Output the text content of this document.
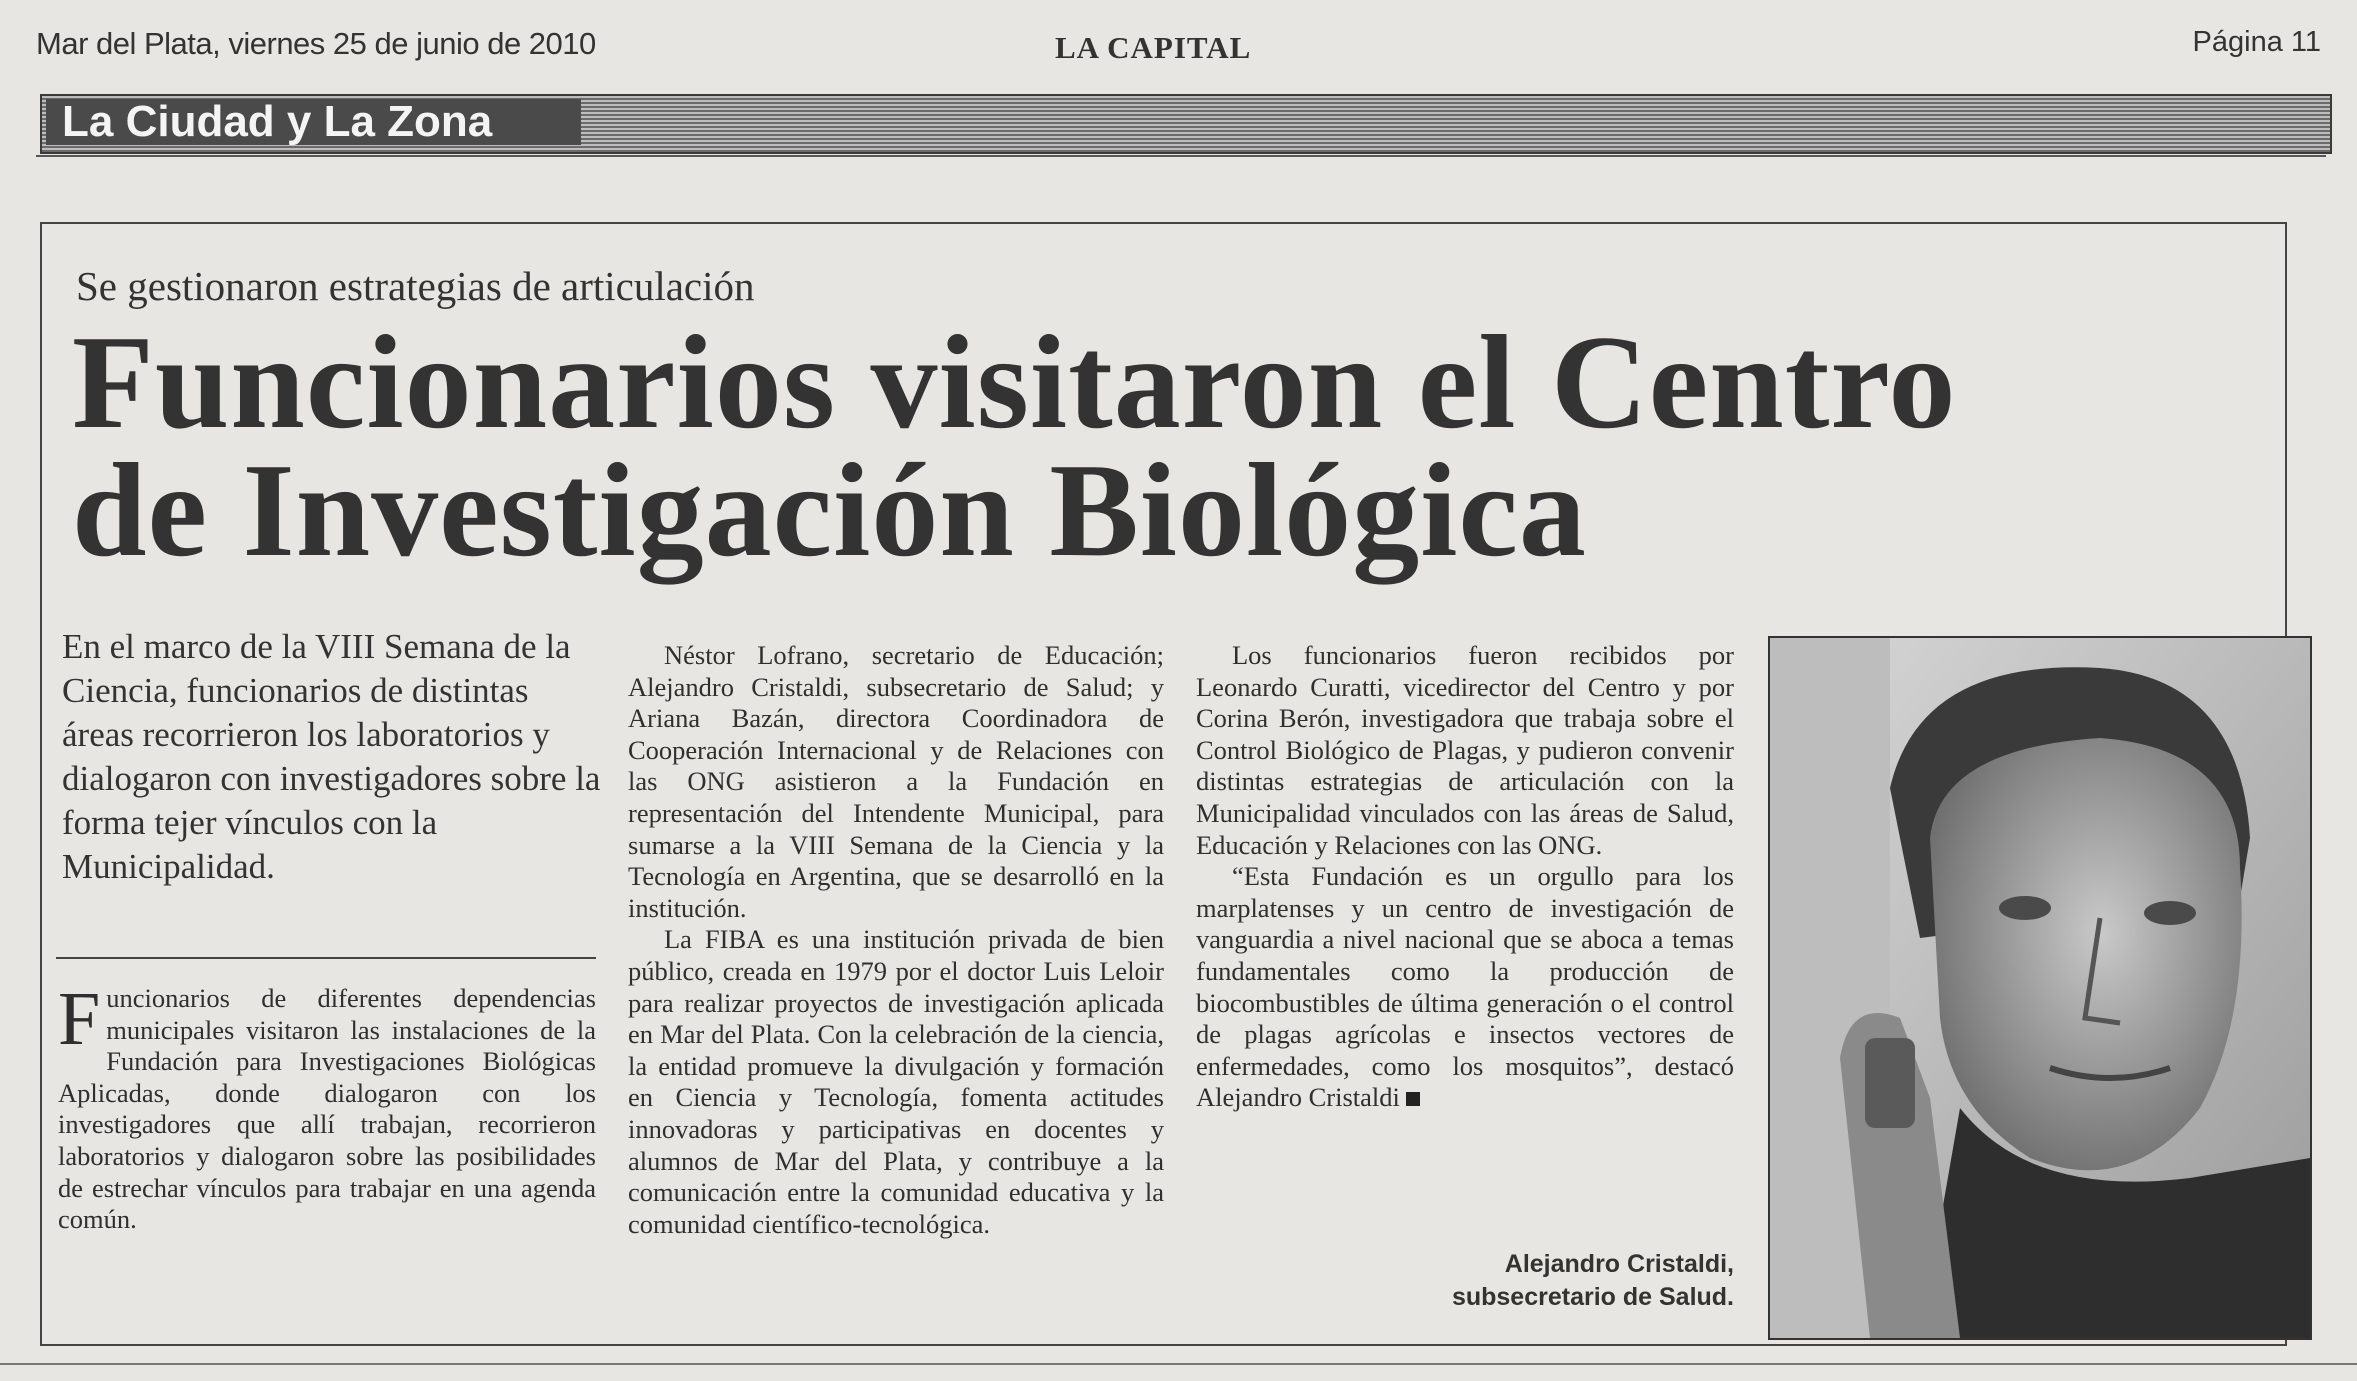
Mar del Plata, viernes 25 de junio de 2010	LA CAPITAL	Página 11
La Ciudad y La Zona
Se gestionaron estrategias de articulación
Funcionarios visitaron el Centro
de Investigación Biológica
En el marco de la VIII Semana de la Ciencia, funcionarios de distintas áreas recorrieron los laboratorios y dialogaron con investigadores sobre la forma tejer vínculos con la Municipalidad.

Funcionarios de diferentes dependencias municipales visitaron las instalaciones de la Fundación para Investigaciones Biológicas Aplicadas, donde dialogaron con los investigadores que allí trabajan, recorrieron laboratorios y dialogaron sobre las posibilidades de estrechar vínculos para trabajar en una agenda común.

Néstor Lofrano, secretario de Educación; Alejandro Cristaldi, subsecretario de Salud; y Ariana Bazán, directora Coordinadora de Cooperación Internacional y de Relaciones con las ONG asistieron a la Fundación en representación del Intendente Municipal, para sumarse a la VIII Semana de la Ciencia y la Tecnología en Argentina, que se desarrolló en la institución.

La FIBA es una institución privada de bien público, creada en 1979 por el doctor Luis Leloir para realizar proyectos de investigación aplicada en Mar del Plata. Con la celebración de la ciencia, la entidad promueve la divulgación y formación en Ciencia y Tecnología, fomenta actitudes innovadoras y participativas en docentes y alumnos de Mar del Plata, y contribuye a la comunicación entre la comunidad educativa y la comunidad científico-tecnológica.

Los funcionarios fueron recibidos por Leonardo Curatti, vicedirector del Centro y por Corina Berón, investigadora que trabaja sobre el Control Biológico de Plagas, y pudieron convenir distintas estrategias de articulación con la Municipalidad vinculados con las áreas de Salud, Educación y Relaciones con las ONG.

“Esta Fundación es un orgullo para los marplatenses y un centro de investigación de vanguardia a nivel nacional que se aboca a temas fundamentales como la producción de biocombustibles de última generación o el control de plagas agrícolas e insectos vectores de enfermedades, como los mosquitos”, destacó Alejandro Cristaldi

Alejandro Cristaldi,
subsecretario de Salud.
